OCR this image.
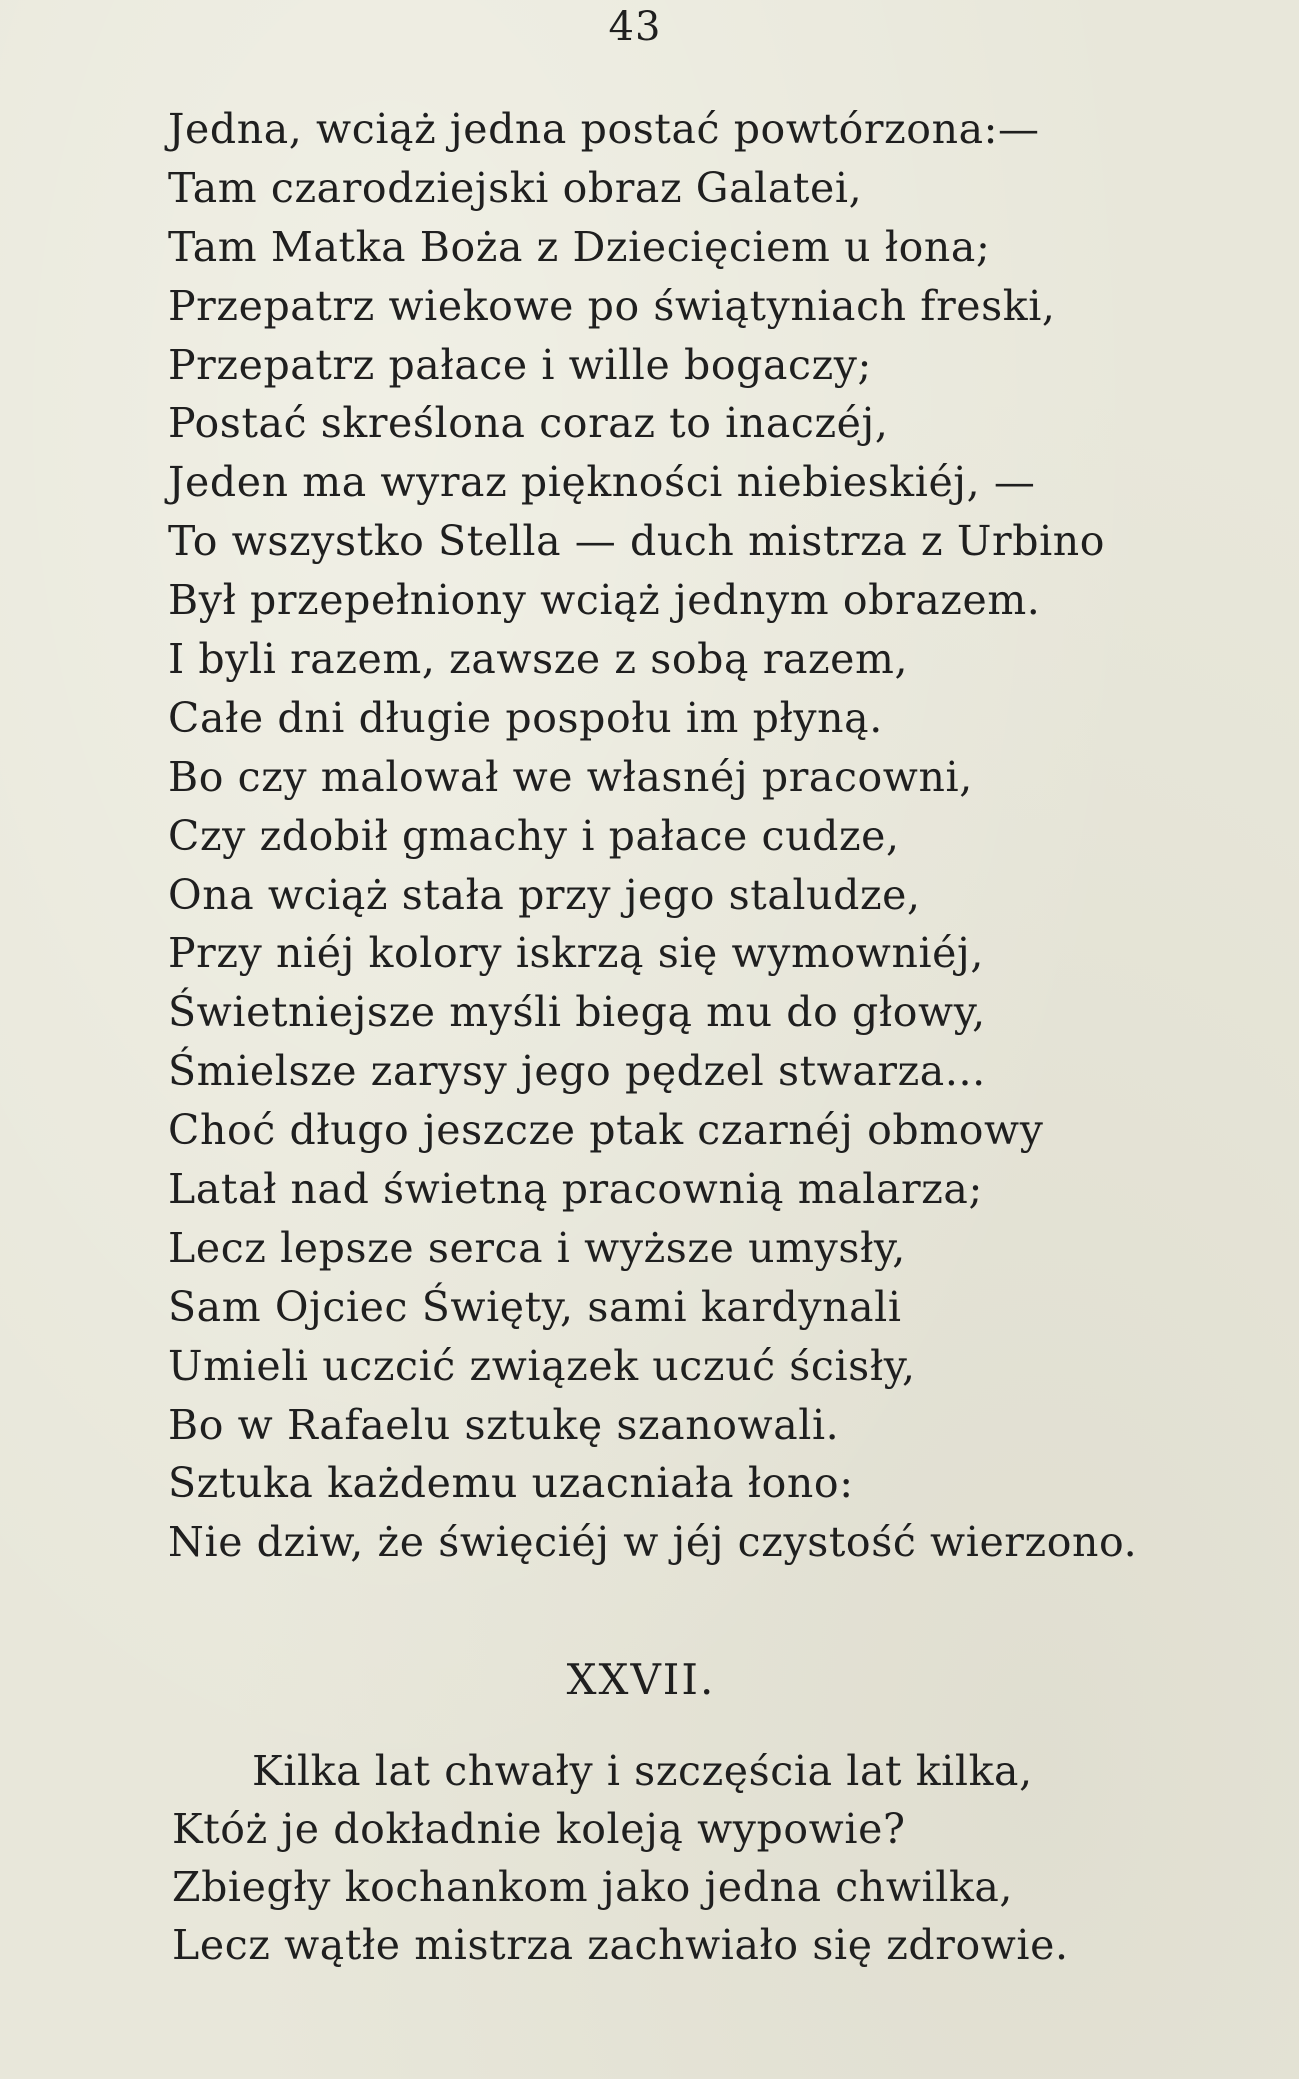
43
Jedna, wciąż jedna postać powtórzona:—
Tam czarodziejski obraz Galatei,
Tam Matka Boża z Dziecięciem u łona;
Przepatrz wiekowe po świątyniach freski,
Przepatrz pałace i wille bogaczy;
Postać skreślona coraz to inaczéj,
Jeden ma wyraz piękności niebieskiéj, —
To wszystko Stella — duch mistrza z Urbino
Był przepełniony wciąż jednym obrazem.
I byli razem, zawsze z sobą razem,
Całe dni długie pospołu im płyną.
Bo czy malował we własnéj pracowni,
Czy zdobił gmachy i pałace cudze,
Ona wciąż stała przy jego staludze,
Przy niéj kolory iskrzą się wymowniéj,
Świetniejsze myśli biegą mu do głowy,
Śmielsze zarysy jego pędzel stwarza...
Choć długo jeszcze ptak czarnéj obmowy
Latał nad świetną pracownią malarza;
Lecz lepsze serca i wyższe umysły,
Sam Ojciec Święty, sami kardynali
Umieli uczcić związek uczuć ścisły,
Bo w Rafaelu sztukę szanowali.
Sztuka każdemu uzacniała łono:
Nie dziw, że święciéj w jéj czystość wierzono.
XXVII.
Kilka lat chwały i szczęścia lat kilka,
Któż je dokładnie koleją wypowie?
Zbiegły kochankom jako jedna chwilka,
Lecz wątłe mistrza zachwiało się zdrowie.
